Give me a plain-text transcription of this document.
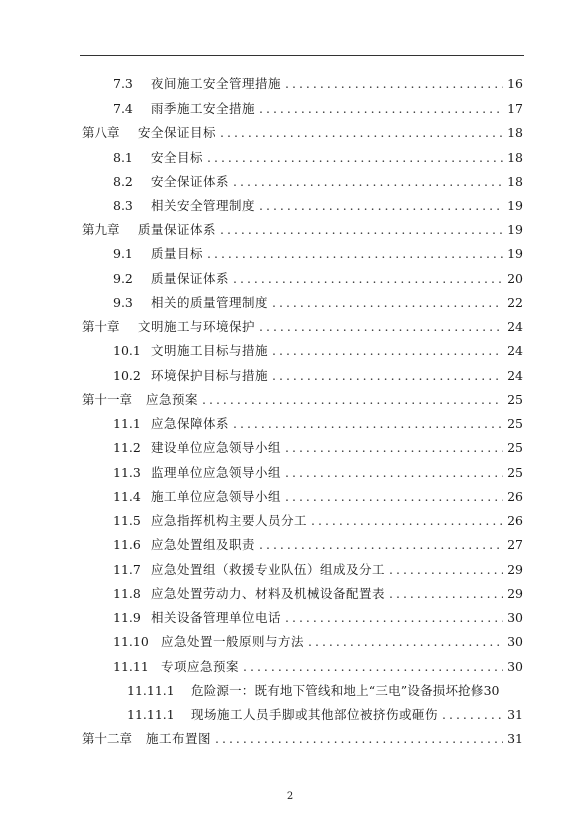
7.3	夜间施工安全管理措施 .....	16
7.4	雨季施工安全措施 .....	17
第八章	安全保证目标 .....	18
8.1	安全目标 .....	18
8.2	安全保证体系 .....	18
8.3	相关安全管理制度 .....	19
第九章	质量保证体系 .....	19
9.1	质量目标 .....	19
9.2	质量保证体系 .....	20
9.3	相关的质量管理制度 .....	22
第十章	文明施工与环境保护 .....	24
10.1 文明施工目标与措施 .....	24
10.2 环境保护目标与措施 .....	24
第十一章	应急预案 .....	25
11.1 应急保障体系 .....	25
11.2 建设单位应急领导小组 .....	25
11.3 监理单位应急领导小组 .....	25
11.4 施工单位应急领导小组 .....	26
11.5 应急指挥机构主要人员分工 .....	26
11.6 应急处置组及职责 .....	27
11.7 应急处置组（救援专业队伍）组成及分工 .....	29
11.8 应急处置劳动力、材料及机械设备配置表 .....	29
11.9 相关设备管理单位电话 .....	30
11.10 应急处置一般原则与方法 .....	30
11.11 专项应急预案 .....	30
11.11.1	危险源一：既有地下管线和地上“三电”设备损坏抢修 30
11.11.1	现场施工人员手脚或其他部位被挤伤或砸伤 .....	31
第十二章	施工布置图 .....	31
2
